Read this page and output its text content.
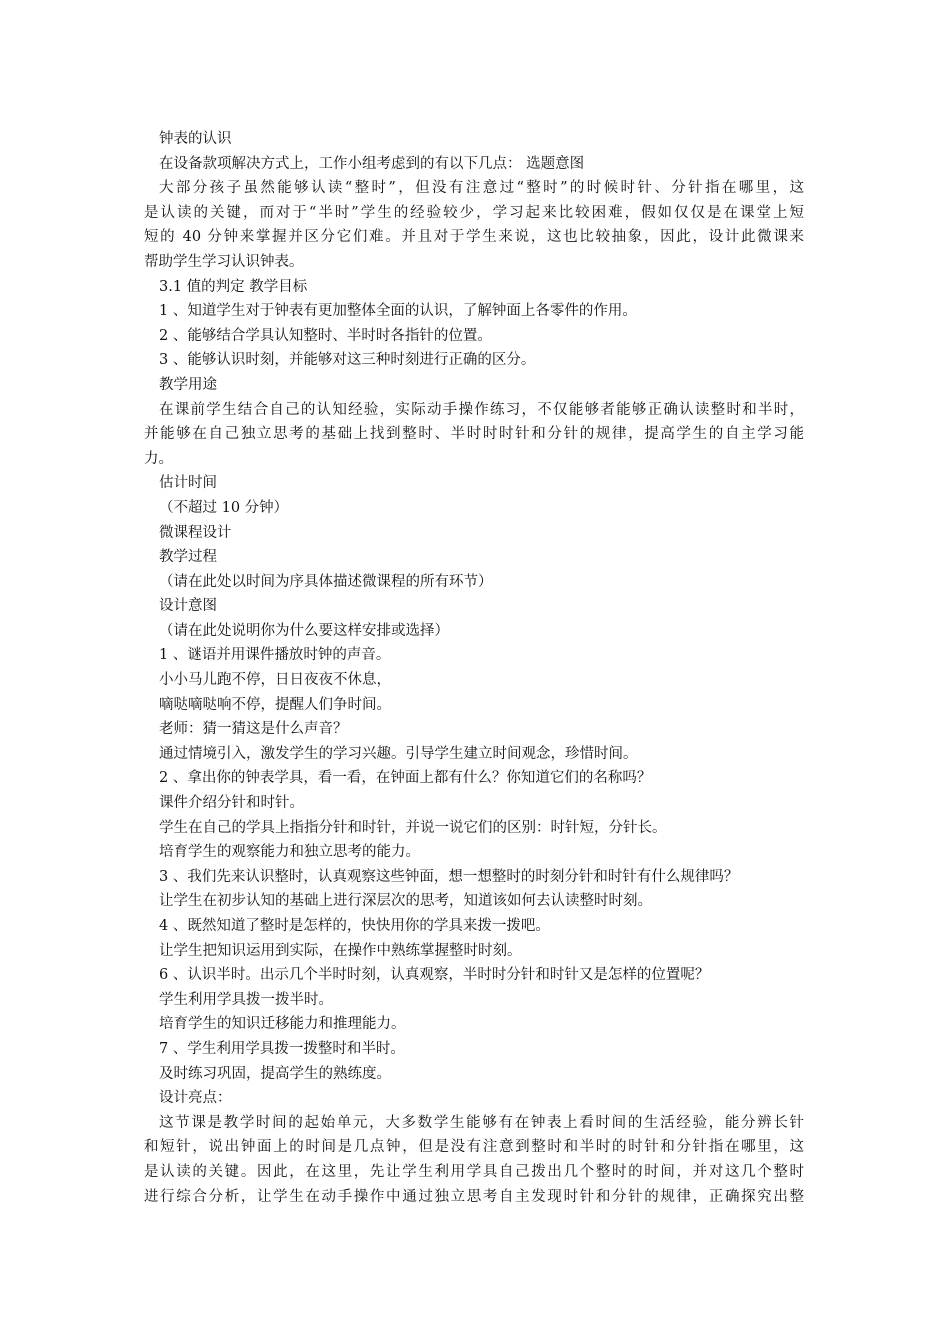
钟表的认识
在设备款项解决方式上，工作小组考虑到的有以下几点： 选题意图
大部分孩子虽然能够认读“整时”，但没有注意过“整时”的时候时针、分针指在哪里，这
是认读的关键，而对于“半时”学生的经验较少，学习起来比较困难，假如仅仅是在课堂上短
短的 40 分钟来掌握并区分它们难。并且对于学生来说，这也比较抽象，因此，设计此微课来
帮助学生学习认识钟表。
3.1 值的判定 教学目标
1 、知道学生对于钟表有更加整体全面的认识，了解钟面上各零件的作用。
2 、能够结合学具认知整时、半时时各指针的位置。
3 、能够认识时刻，并能够对这三种时刻进行正确的区分。
教学用途
在课前学生结合自己的认知经验，实际动手操作练习，不仅能够者能够正确认读整时和半时，
并能够在自己独立思考的基础上找到整时、半时时时针和分针的规律，提高学生的自主学习能
力。
估计时间
（不超过 10 分钟）
微课程设计
教学过程
（请在此处以时间为序具体描述微课程的所有环节）
设计意图
（请在此处说明你为什么要这样安排或选择）
1 、谜语并用课件播放时钟的声音。
小小马儿跑不停，日日夜夜不休息，
嘀哒嘀哒响不停，提醒人们争时间。
老师：猜一猜这是什么声音？
通过情境引入，激发学生的学习兴趣。引导学生建立时间观念，珍惜时间。
2 、拿出你的钟表学具，看一看，在钟面上都有什么？你知道它们的名称吗？
课件介绍分针和时针。
学生在自己的学具上指指分针和时针，并说一说它们的区别：时针短，分针长。
培育学生的观察能力和独立思考的能力。
3 、我们先来认识整时，认真观察这些钟面，想一想整时的时刻分针和时针有什么规律吗？
让学生在初步认知的基础上进行深层次的思考，知道该如何去认读整时时刻。
4 、既然知道了整时是怎样的，快快用你的学具来拨一拨吧。
让学生把知识运用到实际，在操作中熟练掌握整时时刻。
6 、认识半时。出示几个半时时刻，认真观察，半时时分针和时针又是怎样的位置呢？
学生利用学具拨一拨半时。
培育学生的知识迁移能力和推理能力。
7 、学生利用学具拨一拨整时和半时。
及时练习巩固，提高学生的熟练度。
设计亮点：
这节课是教学时间的起始单元，大多数学生能够有在钟表上看时间的生活经验，能分辨长针
和短针，说出钟面上的时间是几点钟，但是没有注意到整时和半时的时针和分针指在哪里，这
是认读的关键。因此，在这里，先让学生利用学具自己拨出几个整时的时间，并对这几个整时
进行综合分析，让学生在动手操作中通过独立思考自主发现时针和分针的规律，正确探究出整
